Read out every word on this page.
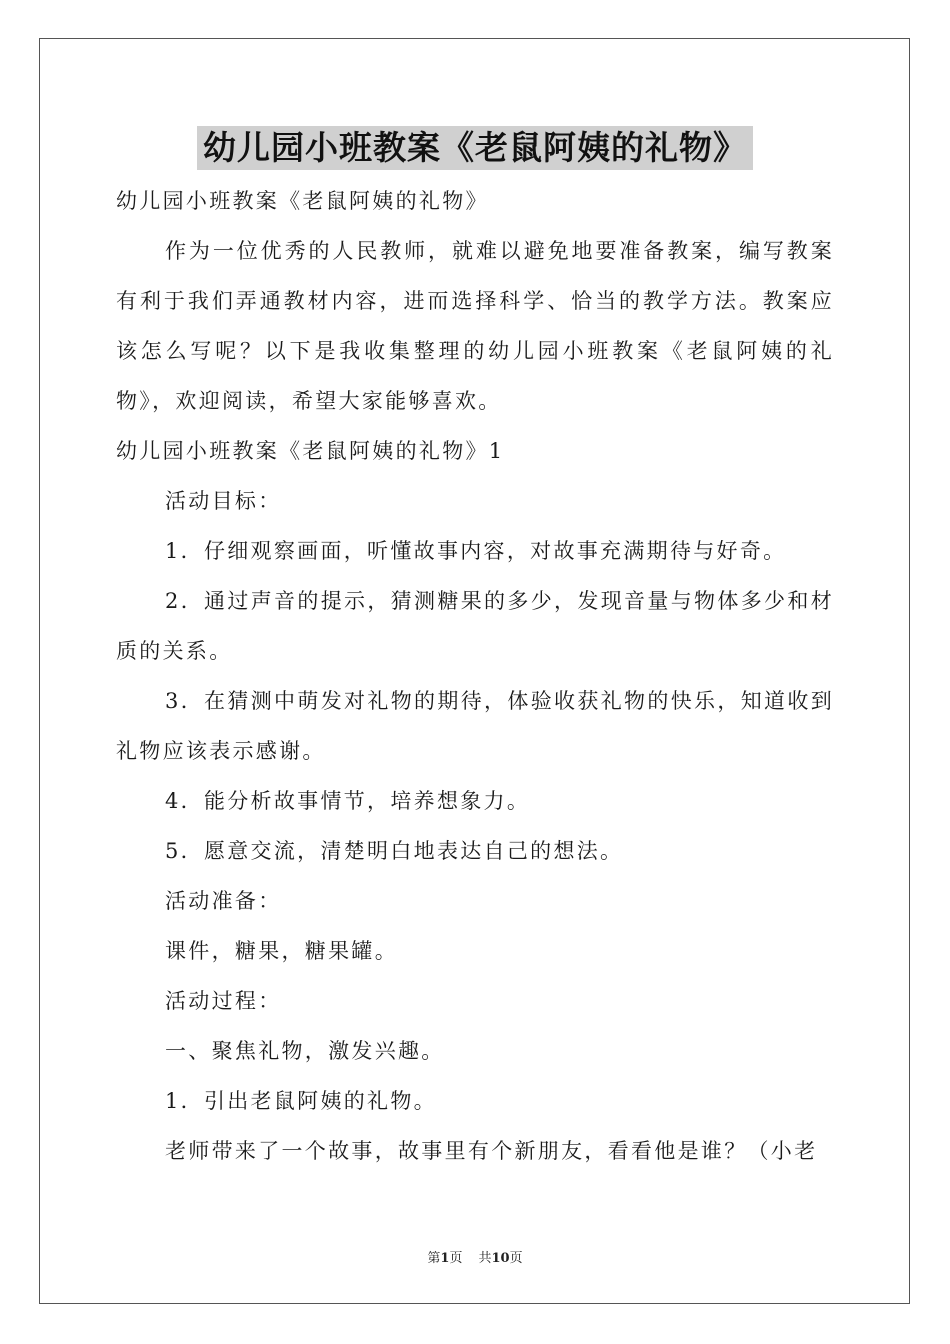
幼儿园小班教案《老鼠阿姨的礼物》

幼儿园小班教案《老鼠阿姨的礼物》

作为一位优秀的人民教师，就难以避免地要准备教案，编写教案有利于我们弄通教材内容，进而选择科学、恰当的教学方法。教案应该怎么写呢？以下是我收集整理的幼儿园小班教案《老鼠阿姨的礼物》，欢迎阅读，希望大家能够喜欢。

幼儿园小班教案《老鼠阿姨的礼物》1

活动目标：

1．仔细观察画面，听懂故事内容，对故事充满期待与好奇。

2．通过声音的提示，猜测糖果的多少，发现音量与物体多少和材质的关系。

3．在猜测中萌发对礼物的期待，体验收获礼物的快乐，知道收到礼物应该表示感谢。

4．能分析故事情节，培养想象力。

5．愿意交流，清楚明白地表达自己的想法。

活动准备：

课件，糖果，糖果罐。

活动过程：

一、聚焦礼物，激发兴趣。

1．引出老鼠阿姨的礼物。

老师带来了一个故事，故事里有个新朋友，看看他是谁？（小老

第1页 共10页
